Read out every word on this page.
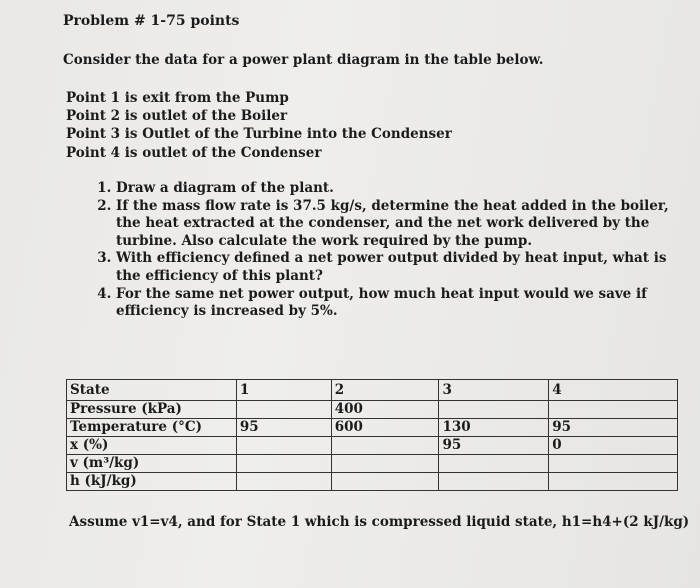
Problem # 1-75 points
Consider the data for a power plant diagram in the table below.
Point 1 is exit from the Pump
Point 2 is outlet of the Boiler
Point 3 is Outlet of the Turbine into the Condenser
Point 4 is outlet of the Condenser
1. Draw a diagram of the plant.
2. If the mass flow rate is 37.5 kg/s, determine the heat added in the boiler, the heat extracted at the condenser, and the net work delivered by the turbine. Also calculate the work required by the pump.
3. With efficiency defined a net power output divided by heat input, what is the efficiency of this plant?
4. For the same net power output, how much heat input would we save if efficiency is increased by 5%.
State	1	2	3	4
Pressure (kPa)		400		
Temperature (°C)	95	600	130	95
x (%)			95	0
v (m³/kg)				
h (kJ/kg)				
Assume v1=v4, and for State 1 which is compressed liquid state, h1=h4+(2 kJ/kg)
